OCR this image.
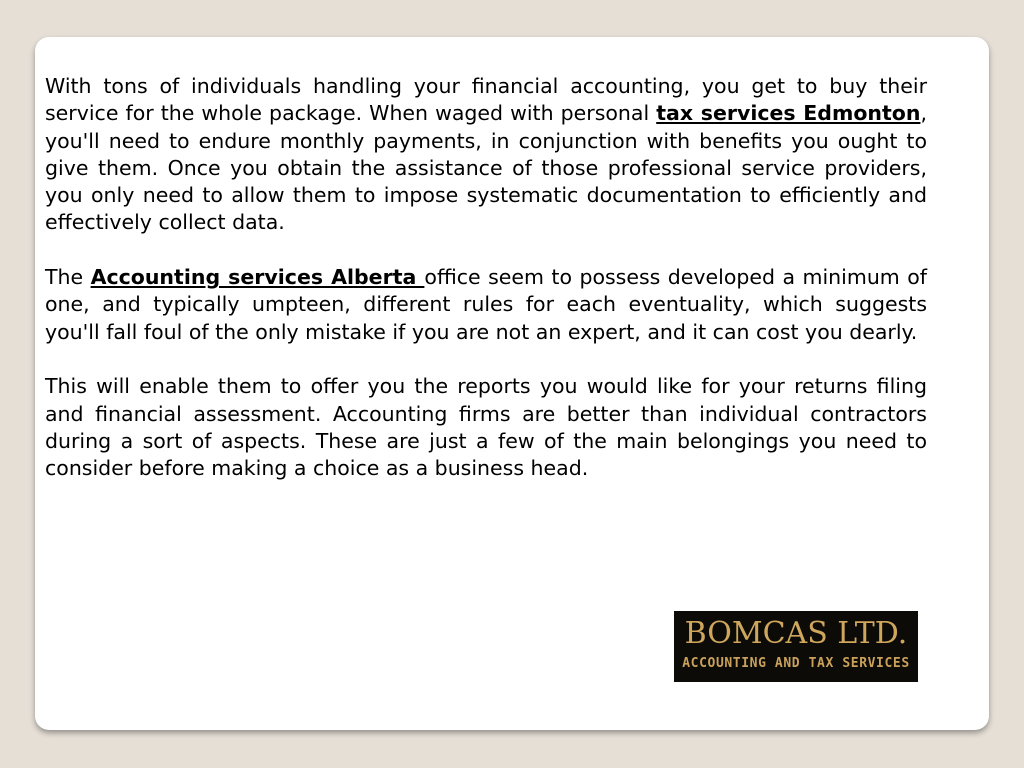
With tons of individuals handling your financial accounting, you get to buy their service for the whole package. When waged with personal tax services Edmonton, you'll need to endure monthly payments, in conjunction with benefits you ought to give them. Once you obtain the assistance of those professional service providers, you only need to allow them to impose systematic documentation to efficiently and effectively collect data.

The Accounting services Alberta office seem to possess developed a minimum of one, and typically umpteen, different rules for each eventuality, which suggests you'll fall foul of the only mistake if you are not an expert, and it can cost you dearly.

This will enable them to offer you the reports you would like for your returns filing and financial assessment. Accounting firms are better than individual contractors during a sort of aspects. These are just a few of the main belongings you need to consider before making a choice as a business head.

BOMCAS LTD.
ACCOUNTING AND TAX SERVICES
